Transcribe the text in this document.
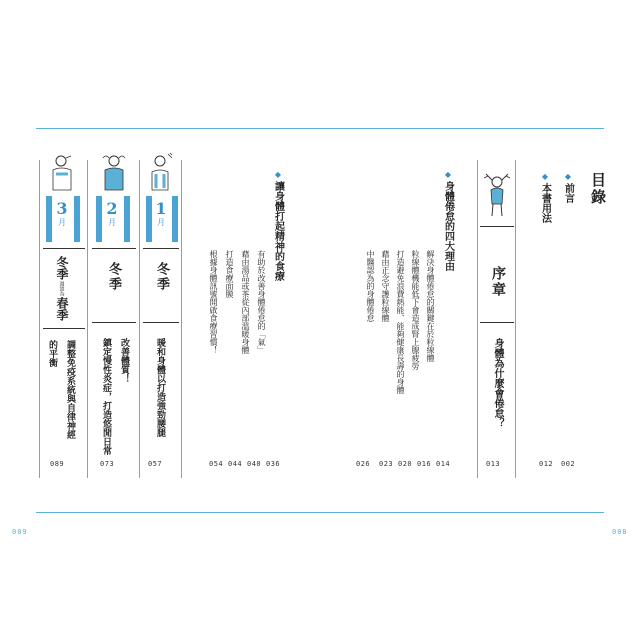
009	008
目錄
◆
前言
◆
本書用法
002
012
序章
身體為什麼會倦怠？
013
◆
身體倦怠的四大理由
解決身體倦怠的關鍵在於粒線體
粒線體機能低下會造成腎上腺疲勞
打造避免浪費熱能、能夠健康長壽的身體
藉由正念守護粒線體
中醫認為的身體倦怠
014
016
020
023
026
◆
讓身體打起精神的食療
有助於改善身體倦怠的「氣」
藉由湯品或茶從內部溫暖身體
打造食療面膜
根據身體訊號開啟食療習慣！
036
040
044
054
1
月
冬季
暖和身體以打造強勁腰腿
057
2
月
冬季
改善體質！
鎮定慢性炎症，打造悠閒日常
073
3
月
冬季
過渡為
春季
調整免疫系統與自律神經
的平衡
089
